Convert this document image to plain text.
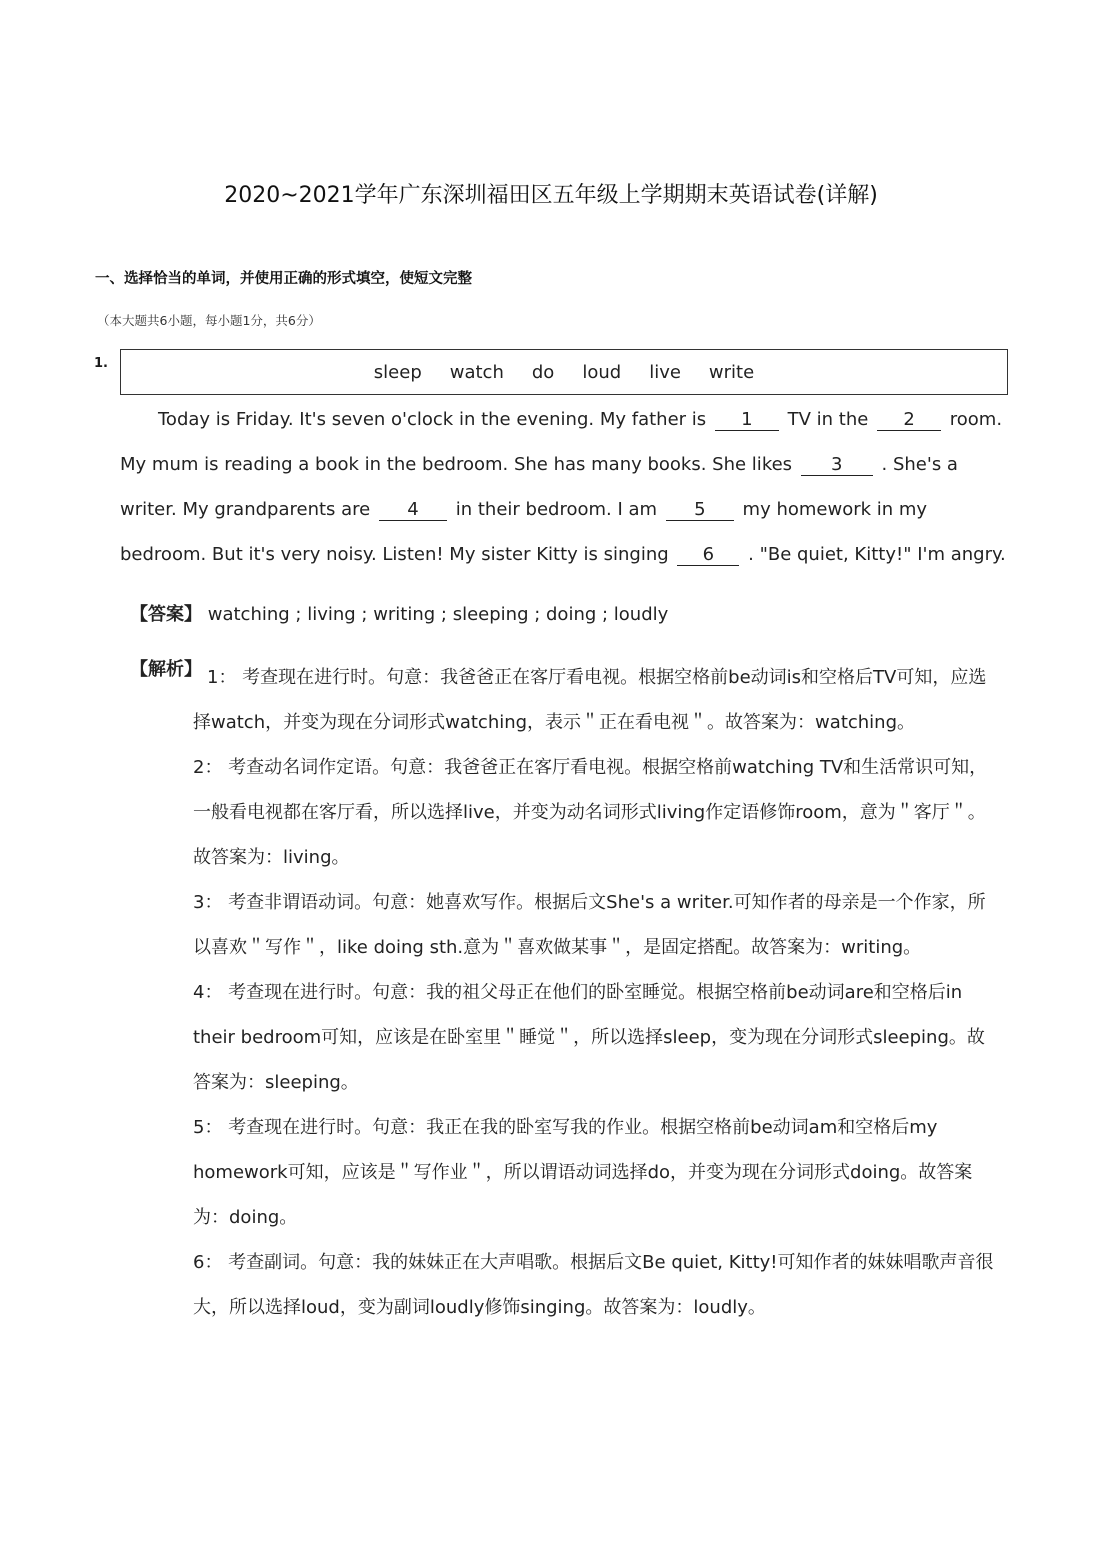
2020~2021学年广东深圳福田区五年级上学期期末英语试卷(详解)
一、选择恰当的单词，并使用正确的形式填空，使短文完整
（本大题共6小题，每小题1分，共6分）
1.	sleep watch do loud live write
Today is Friday. It's seven o'clock in the evening. My father is 1 TV in the 2 room. My mum is reading a book in the bedroom. She has many books. She likes 3 . She's a writer. My grandparents are 4 in their bedroom. I am 5 my homework in my bedroom. But it's very noisy. Listen! My sister Kitty is singing 6 . "Be quiet, Kitty!" I'm angry.
【答案】 watching ; living ; writing ; sleeping ; doing ; loudly
【解析】 1： 考查现在进行时。句意：我爸爸正在客厅看电视。根据空格前be动词is和空格后TV可知，应选择watch，并变为现在分词形式watching，表示＂正在看电视＂。故答案为：watching。

2： 考查动名词作定语。句意：我爸爸正在客厅看电视。根据空格前watching TV和生活常识可知，一般看电视都在客厅看，所以选择live，并变为动名词形式living作定语修饰room，意为＂客厅＂。故答案为：living。

3： 考查非谓语动词。句意：她喜欢写作。根据后文She's a writer.可知作者的母亲是一个作家，所以喜欢＂写作＂，like doing sth.意为＂喜欢做某事＂，是固定搭配。故答案为：writing。

4： 考查现在进行时。句意：我的祖父母正在他们的卧室睡觉。根据空格前be动词are和空格后in their bedroom可知，应该是在卧室里＂睡觉＂，所以选择sleep，变为现在分词形式sleeping。故答案为：sleeping。

5： 考查现在进行时。句意：我正在我的卧室写我的作业。根据空格前be动词am和空格后my homework可知，应该是＂写作业＂，所以谓语动词选择do，并变为现在分词形式doing。故答案为：doing。

6： 考查副词。句意：我的妹妹正在大声唱歌。根据后文Be quiet, Kitty!可知作者的妹妹唱歌声音很大，所以选择loud，变为副词loudly修饰singing。故答案为：loudly。
